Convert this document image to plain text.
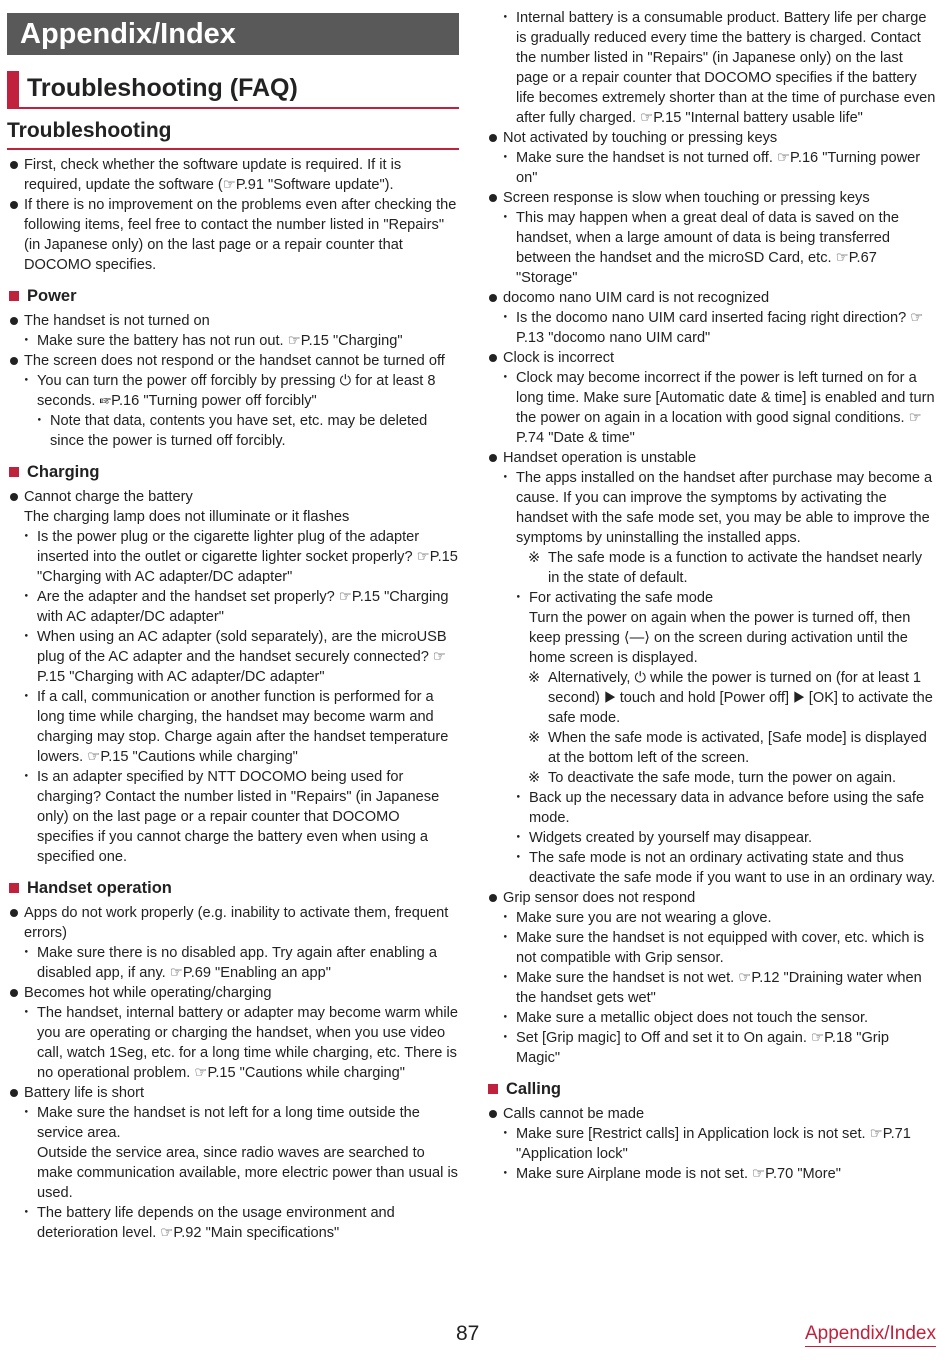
Appendix/Index
Troubleshooting (FAQ)
Troubleshooting

First, check whether the software update is required. If it is required, update the software (☞P.91 "Software update").

If there is no improvement on the problems even after checking the following items, feel free to contact the number listed in "Repairs" (in Japanese only) on the last page or a repair counter that DOCOMO specifies.

Power

The handset is not turned on

・ Make sure the battery has not run out. ☞P.15 "Charging"

The screen does not respond or the handset cannot be turned off

・ You can turn the power off forcibly by pressing ⏻ for at least 8 seconds. ☞P.16 "Turning power off forcibly"

・ Note that data, contents you have set, etc. may be deleted since the power is turned off forcibly.

Charging

Cannot charge the battery

The charging lamp does not illuminate or it flashes

・ Is the power plug or the cigarette lighter plug of the adapter inserted into the outlet or cigarette lighter socket properly? ☞P.15 "Charging with AC adapter/DC adapter"

・ Are the adapter and the handset set properly? ☞P.15 "Charging with AC adapter/DC adapter"

・ When using an AC adapter (sold separately), are the microUSB plug of the AC adapter and the handset securely connected? ☞P.15 "Charging with AC adapter/DC adapter"

・ If a call, communication or another function is performed for a long time while charging, the handset may become warm and charging may stop. Charge again after the handset temperature lowers. ☞P.15 "Cautions while charging"

・ Is an adapter specified by NTT DOCOMO being used for charging? Contact the number listed in "Repairs" (in Japanese only) on the last page or a repair counter that DOCOMO specifies if you cannot charge the battery even when using a specified one.

Handset operation

Apps do not work properly (e.g. inability to activate them, frequent errors)

・ Make sure there is no disabled app. Try again after enabling a disabled app, if any. ☞P.69 "Enabling an app"

Becomes hot while operating/charging

・ The handset, internal battery or adapter may become warm while you are operating or charging the handset, when you use video call, watch 1Seg, etc. for a long time while charging, etc. There is no operational problem. ☞P.15 "Cautions while charging"

Battery life is short

・ Make sure the handset is not left for a long time outside the service area.

Outside the service area, since radio waves are searched to make communication available, more electric power than usual is used.

・ The battery life depends on the usage environment and deterioration level. ☞P.92 "Main specifications"

・ Internal battery is a consumable product. Battery life per charge is gradually reduced every time the battery is charged. Contact the number listed in "Repairs" (in Japanese only) on the last page or a repair counter that DOCOMO specifies if the battery life becomes extremely shorter than at the time of purchase even after fully charged. ☞P.15 "Internal battery usable life"

Not activated by touching or pressing keys

・ Make sure the handset is not turned off. ☞P.16 "Turning power on"

Screen response is slow when touching or pressing keys

・ This may happen when a great deal of data is saved on the handset, when a large amount of data is being transferred between the handset and the microSD Card, etc. ☞P.67 "Storage"

docomo nano UIM card is not recognized

・ Is the docomo nano UIM card inserted facing right direction? ☞P.13 "docomo nano UIM card"

Clock is incorrect

・ Clock may become incorrect if the power is left turned on for a long time. Make sure [Automatic date & time] is enabled and turn the power on again in a location with good signal conditions. ☞P.74 "Date & time"

Handset operation is unstable

・ The apps installed on the handset after purchase may become a cause. If you can improve the symptoms by activating the handset with the safe mode set, you may be able to improve the symptoms by uninstalling the installed apps.

※ The safe mode is a function to activate the handset nearly in the state of default.

・ For activating the safe mode

Turn the power on again when the power is turned off, then keep pressing ⟨—⟩ on the screen during activation until the home screen is displayed.

※ Alternatively, ⏻ while the power is turned on (for at least 1 second) ▶ touch and hold [Power off] ▶ [OK] to activate the safe mode.

※ When the safe mode is activated, [Safe mode] is displayed at the bottom left of the screen.

※ To deactivate the safe mode, turn the power on again.

・ Back up the necessary data in advance before using the safe mode.

・ Widgets created by yourself may disappear.

・ The safe mode is not an ordinary activating state and thus deactivate the safe mode if you want to use in an ordinary way.

Grip sensor does not respond

・ Make sure you are not wearing a glove.

・ Make sure the handset is not equipped with cover, etc. which is not compatible with Grip sensor.

・ Make sure the handset is not wet. ☞P.12 "Draining water when the handset gets wet"

・ Make sure a metallic object does not touch the sensor.

・ Set [Grip magic] to Off and set it to On again. ☞P.18 "Grip Magic"

Calling

Calls cannot be made

・ Make sure [Restrict calls] in Application lock is not set. ☞P.71 "Application lock"

・ Make sure Airplane mode is not set. ☞P.70 "More"

87	Appendix/Index
